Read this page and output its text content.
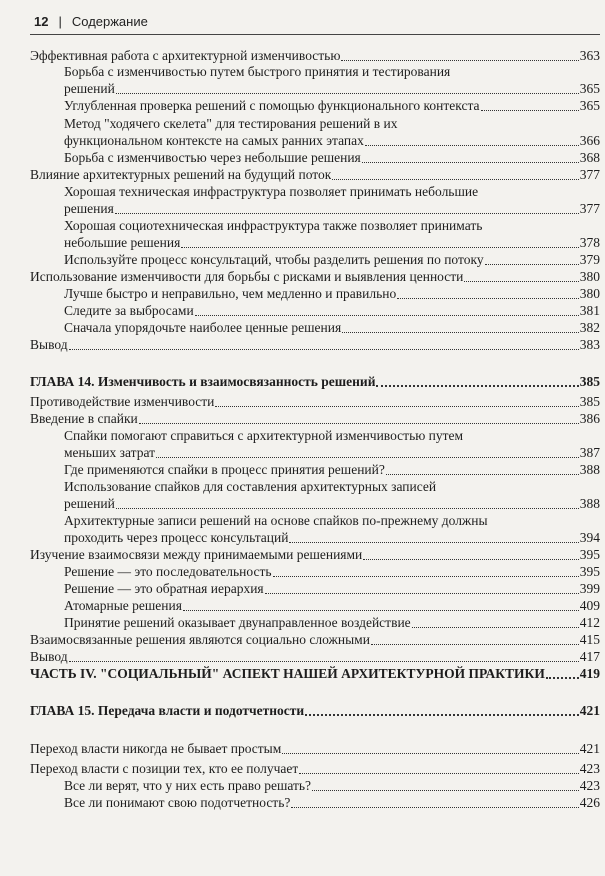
12 | Содержание
Эффективная работа с архитектурной изменчивостью	363
Борьба с изменчивостью путем быстрого принятия и тестирования
решений	365
Углубленная проверка решений с помощью функционального контекста	365
Метод "ходячего скелета" для тестирования решений в их
функциональном контексте на самых ранних этапах	366
Борьба с изменчивостью через небольшие решения	368
Влияние архитектурных решений на будущий поток	377
Хорошая техническая инфраструктура позволяет принимать небольшие
решения	377
Хорошая социотехническая инфраструктура также позволяет принимать
небольшие решения	378
Используйте процесс консультаций, чтобы разделить решения по потоку	379
Использование изменчивости для борьбы с рисками и выявления ценности	380
Лучше быстро и неправильно, чем медленно и правильно	380
Следите за выбросами	381
Сначала упорядочьте наиболее ценные решения	382
Вывод	383
ГЛАВА 14. Изменчивость и взаимосвязанность решений	385
Противодействие изменчивости	385
Введение в спайки	386
Спайки помогают справиться с архитектурной изменчивостью путем
меньших затрат	387
Где применяются спайки в процесс принятия решений?	388
Использование спайков для составления архитектурных записей
решений	388
Архитектурные записи решений на основе спайков по-прежнему должны
проходить через процесс консультаций	394
Изучение взаимосвязи между принимаемыми решениями	395
Решение — это последовательность	395
Решение — это обратная иерархия	399
Атомарные решения	409
Принятие решений оказывает двунаправленное воздействие	412
Взаимосвязанные решения являются социально сложными	415
Вывод	417
ЧАСТЬ IV. "СОЦИАЛЬНЫЙ" АСПЕКТ НАШЕЙ АРХИТЕКТУРНОЙ ПРАКТИКИ	419
ГЛАВА 15. Передача власти и подотчетности	421
Переход власти никогда не бывает простым	421
Переход власти с позиции тех, кто ее получает	423
Все ли верят, что у них есть право решать?	423
Все ли понимают свою подотчетность?	426
